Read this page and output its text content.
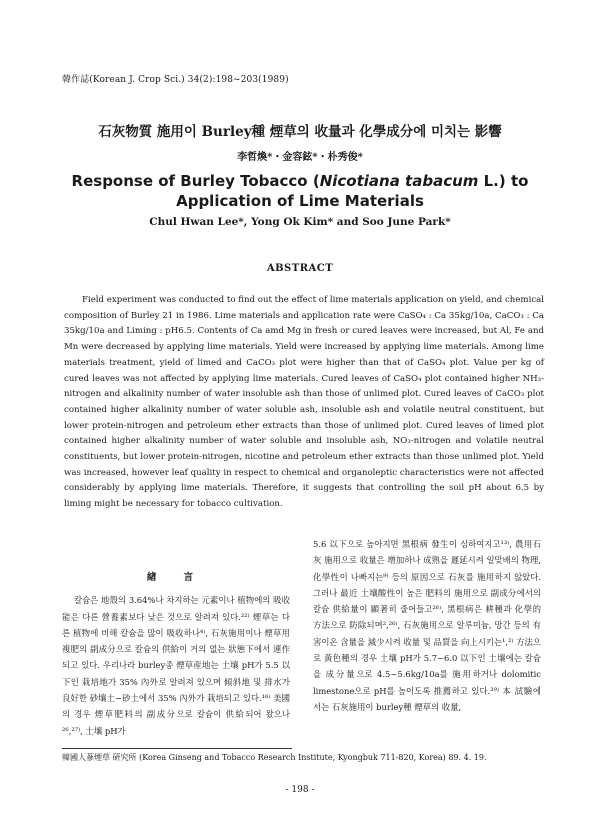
韓作誌(Korean J. Crop Sci.) 34(2):198~203(1989)
石灰物質 施用이 Burley種 煙草의 收量과 化學成分에 미치는 影響
李哲煥*・金容鉉*・朴秀俊*
Response of Burley Tobacco (Nicotiana tabacum L.) to
Application of Lime Materials
Chul Hwan Lee*, Yong Ok Kim* and Soo June Park*
ABSTRACT

Field experiment was conducted to find out the effect of lime materials application on yield, and chemical composition of Burley 21 in 1986. Lime materials and application rate were CaSO₄ : Ca 35kg/10a, CaCO₃ : Ca 35kg/10a and Liming : pH6.5. Contents of Ca amd Mg in fresh or cured leaves were increased, but Al, Fe and Mn were decreased by applying lime materials. Yield were increased by applying lime materials. Among lime materials treatment, yield of limed and CaCO₃ plot were higher than that of CaSO₄ plot. Value per kg of cured leaves was not affected by applying lime materials. Cured leaves of CaSO₄ plot contained higher NH₃-nitrogen and alkalinity number of water insoluble ash than those of unlimed plot. Cured leaves of CaCO₃ plot contained higher alkalinity number of water soluble ash, insoluble ash and volatile neutral constituent, but lower protein-nitrogen and petroleum ether extracts than those of unlimed plot. Cured leaves of limed plot contained higher alkalinity number of water soluble and insoluble ash, NO₃-nitrogen and volatile neutral constituents, but lower protein-nitrogen, nicotine and petroleum ether extracts than those unlimed plot. Yield was increased, however leaf quality in respect to chemical and organoleptic characteristics were not affected considerably by applying lime materials. Therefore, it suggests that controlling the soil pH about 6.5 by liming might be necessary for tobacco cultivation.

緖 言

칼슘은 地殼의 3.64%나 차지하는 元素이나 植物에의 吸收能은 다른 營養素보다 낮은 것으로 알려져 있다.²²⁾ 煙草는 다른 植物에 비해 칼슘을 많이 吸收하나⁴⁾, 石灰施用이나 煙草用複肥의 副成分으로 칼슘의 供給이 거의 없는 狀態下에서 連作되고 있다. 우리나라 burley종 煙草産地는 土壤 pH가 5.5 以下인 栽培地가 35% 內外로 알려져 있으며 傾斜地 및 排水가 良好한 砂壤土~砂土에서 35% 內外가 栽培되고 있다.¹⁶⁾ 美國의 경우 煙草肥料의 副成分으로 칼슘이 供給되어 왔으나 ²⁶,²⁷⁾, 土壤 pH가

5.6 以下으로 높아지면 黑根病 發生이 심하여지고¹³⁾, 農用石灰 施用으로 收量은 增加하나 成熟을 遲延시켜 일맞배의 物理, 化學性이 나빠지는⁹⁾ 등의 原因으로 石灰를 施用하지 않았다. 그러나 最近 土壤酸性이 높은 肥料의 施用으로 副成分에서의 칼슘 供給量이 顯著히 줄어들고²⁶⁾, 黑根病은 耕種과 化學的 方法으로 防除되며²,²⁶⁾, 石灰施用으로 알루미늄, 망간 등의 有害이온 含量을 減少시켜 收量 및 品質을 向上시키는¹,²⁾ 方法으로 黃色種의 경우 土壤 pH가 5.7~6.0 以下인 土壤에는 칼슘을 成分量으로 4.5~5.6kg/10a를 施用하거나 dolomitic limestone으로 pH를 높이도록 推薦하고 있다.²⁹⁾ 本 試驗에서는 石灰施用이 burley種 煙草의 收量,

韓國人蔘煙草 硏究所 (Korea Ginseng and Tobacco Research Institute, Kyongbuk 711-820, Korea) 89. 4. 19.
- 198 -
